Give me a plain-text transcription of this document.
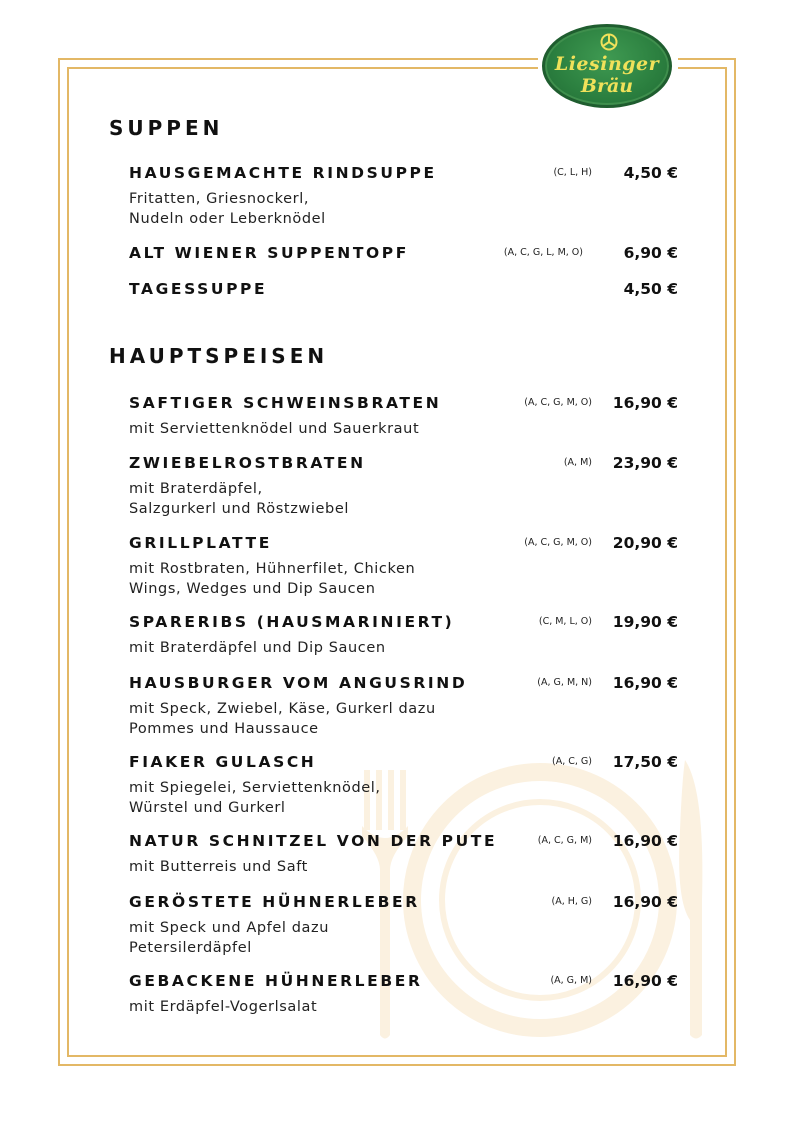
Liesinger
Bräu
SUPPEN
HAUSGEMACHTE RINDSUPPE	(C, L, H) 4,50 €
Fritatten, Griesnockerl,
Nudeln oder Leberknödel
ALT WIENER SUPPENTOPF	(A, C, G, L, M, O)	6,90 €
TAGESSUPPE	4,50 €
HAUPTSPEISEN
SAFTIGER SCHWEINSBRATEN	(A, C, G, M, O) 16,90 €
mit Serviettenknödel und Sauerkraut
ZWIEBELROSTBRATEN	(A, M) 23,90 €
mit Braterdäpfel,
Salzgurkerl und Röstzwiebel
GRILLPLATTE	(A, C, G, M, O) 20,90 €
mit Rostbraten, Hühnerfilet, Chicken
Wings, Wedges und Dip Saucen
SPARERIBS (HAUSMARINIERT)	(C, M, L, O) 19,90 €
mit Braterdäpfel und Dip Saucen
HAUSBURGER VOM ANGUSRIND	(A, G, M, N) 16,90 €
mit Speck, Zwiebel, Käse, Gurkerl dazu
Pommes und Haussauce
FIAKER GULASCH	(A, C, G) 17,50 €
mit Spiegelei, Serviettenknödel,
Würstel und Gurkerl
NATUR SCHNITZEL VON DER PUTE	(A, C, G, M) 16,90 €
mit Butterreis und Saft
GERÖSTETE HÜHNERLEBER	(A, H, G) 16,90 €
mit Speck und Apfel dazu
Petersilerdäpfel
GEBACKENE HÜHNERLEBER	(A, G, M) 16,90 €
mit Erdäpfel-Vogerlsalat
